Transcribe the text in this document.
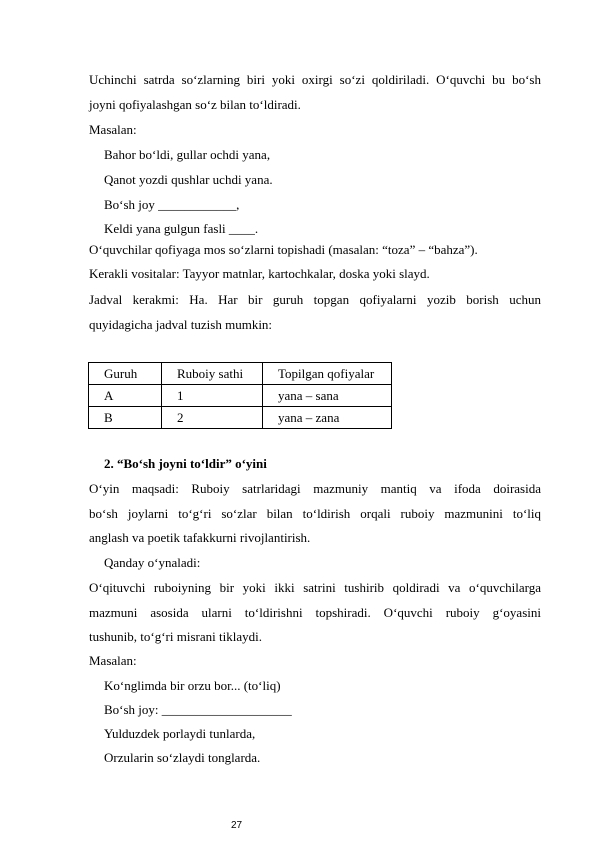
Uchinchi satrda so‘zlarning biri yoki oxirgi so‘zi qoldiriladi. O‘quvchi bu bo‘sh
joyni qofiyalashgan so‘z bilan to‘ldiradi.
Masalan:
Bahor bo‘ldi, gullar ochdi yana,
Qanot yozdi qushlar uchdi yana.
Bo‘sh joy ____________,
Keldi yana gulgun fasli ____.
O‘quvchilar qofiyaga mos so‘zlarni topishadi (masalan: “toza” – “bahza”).
Kerakli vositalar: Tayyor matnlar, kartochkalar, doska yoki slayd.
Jadval kerakmi: Ha. Har bir guruh topgan qofiyalarni yozib borish uchun
quyidagicha jadval tuzish mumkin:
Guruh	Ruboiy sathi	Topilgan qofiyalar
A	1	yana – sana
B	2	yana – zana
2. “Bo‘sh joyni to‘ldir” o‘yini
O‘yin maqsadi: Ruboiy satrlaridagi mazmuniy mantiq va ifoda doirasida
bo‘sh joylarni to‘g‘ri so‘zlar bilan to‘ldirish orqali ruboiy mazmunini to‘liq
anglash va poetik tafakkurni rivojlantirish.
Qanday o‘ynaladi:
O‘qituvchi ruboiyning bir yoki ikki satrini tushirib qoldiradi va o‘quvchilarga
mazmuni asosida ularni to‘ldirishni topshiradi. O‘quvchi ruboiy g‘oyasini
tushunib, to‘g‘ri misrani tiklaydi.
Masalan:
Ko‘nglimda bir orzu bor... (to‘liq)
Bo‘sh joy: ____________________
Yulduzdek porlaydi tunlarda,
Orzularin so‘zlaydi tonglarda.
27
